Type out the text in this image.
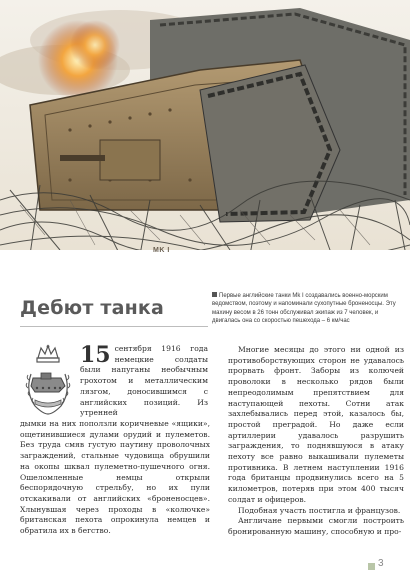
MK I
Первые английские танки Mk I создавались военно-морским ведомством, поэтому и напоминали сухопутные броненосцы. Эту махину весом в 26 тонн обслуживал экипаж из 7 человек, и двигалась она со скоростью пешехода – 6 км/час
Дебют танка
15 сентября 1916 года немецкие солдаты были напуганы необычным грохотом и металлическим лязгом, доносившимся с английских позиций. Из утренней

дымки на них поползли коричневые «ящики», ощетинившиеся дулами орудий и пулеметов. Без труда смяв густую паутину проволочных заграждений, стальные чудовища обрушили на окопы шквал пулеметно-пушечного огня. Ошеломленные немцы открыли беспорядочную стрельбу, но их пули отскакивали от английских «броненосцев». Хлынувшая через проходы в «колючке» британская пехота опрокинула немцев и обратила их в бегство.

Многие месяцы до этого ни одной из противоборствующих сторон не удавалось прорвать фронт. Заборы из колючей проволоки в несколько рядов были непреодолимым препятствием для наступающей пехоты. Сотни атак захлебывались перед этой, казалось бы, простой преградой. Но даже если артиллерии удавалось разрушить заграждения, то поднявшуюся в атаку пехоту все равно выкашивали пулеметы противника. В летнем наступлении 1916 года британцы продвинулись всего на 5 километров, потеряв при этом 400 тысяч солдат и офицеров.

Подобная участь постигла и французов.

Англичане первыми смогли построить бронированную машину, способную и про-

3
